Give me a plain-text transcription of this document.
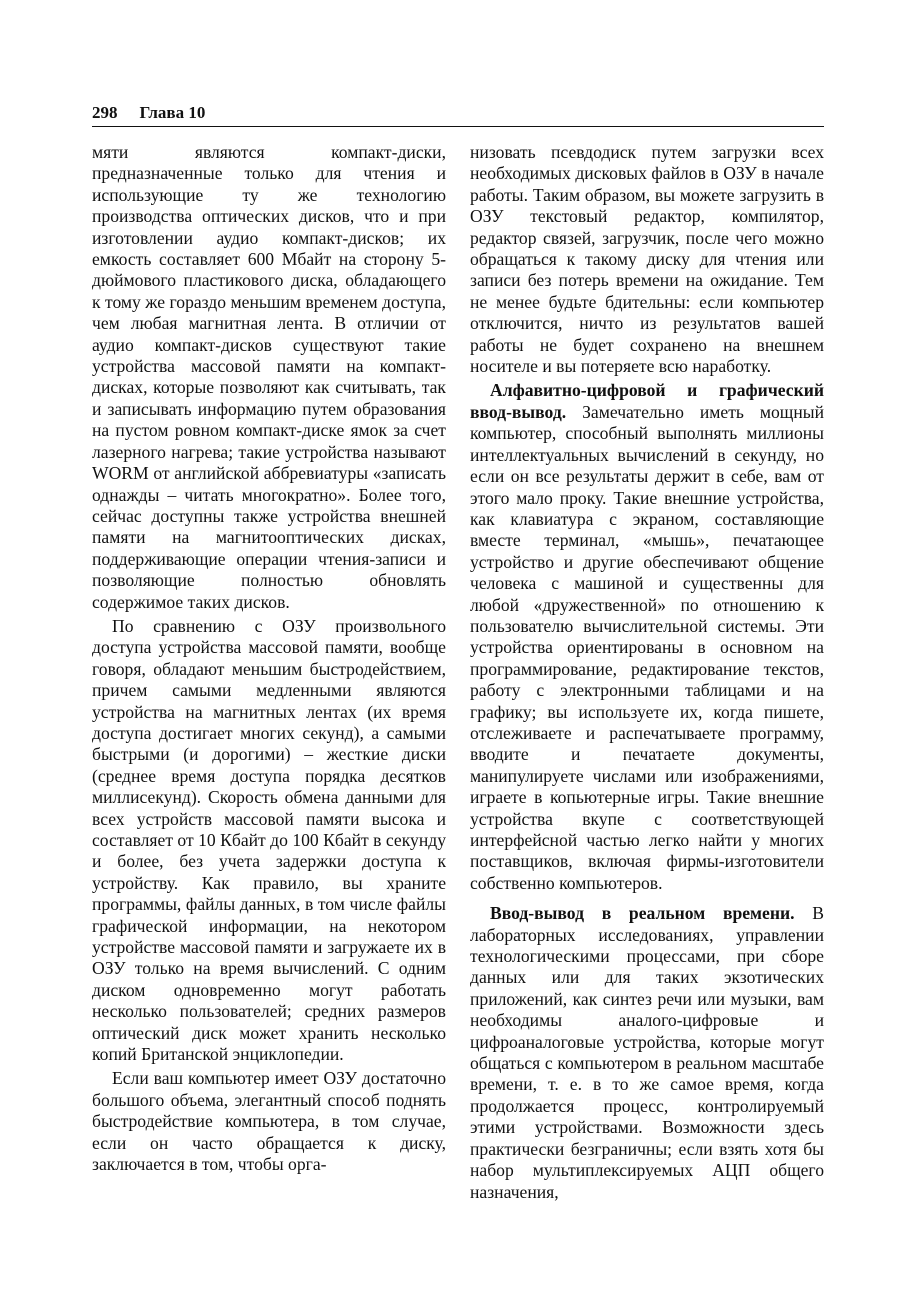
298 Глава 10

мяти являются компакт-диски, предназначенные только для чтения и использующие ту же технологию производства оптических дисков, что и при изготовлении аудио компакт-дисков; их емкость составляет 600 Мбайт на сторону 5-дюймового пластикового диска, обладающего к тому же гораздо меньшим временем доступа, чем любая магнитная лента. В отличии от аудио компакт-дисков существуют такие устройства массовой памяти на компакт-дисках, которые позволяют как считывать, так и записывать информацию путем образования на пустом ровном компакт-диске ямок за счет лазерного нагрева; такие устройства называют WORM от английской аббревиатуры «записать однажды – читать многократно». Более того, сейчас доступны также устройства внешней памяти на магнитооптических дисках, поддерживающие операции чтения-записи и позволяющие полностью обновлять содержимое таких дисков.

По сравнению с ОЗУ произвольного доступа устройства массовой памяти, вообще говоря, обладают меньшим быстродействием, причем самыми медленными являются устройства на магнитных лентах (их время доступа достигает многих секунд), а самыми быстрыми (и дорогими) – жесткие диски (среднее время доступа порядка десятков миллисекунд). Скорость обмена данными для всех устройств массовой памяти высока и составляет от 10 Кбайт до 100 Кбайт в секунду и более, без учета задержки доступа к устройству. Как правило, вы храните программы, файлы данных, в том числе файлы графической информации, на некотором устройстве массовой памяти и загружаете их в ОЗУ только на время вычислений. С одним диском одновременно могут работать несколько пользователей; средних размеров оптический диск может хранить несколько копий Британской энциклопедии.

Если ваш компьютер имеет ОЗУ достаточно большого объема, элегантный способ поднять быстродействие компьютера, в том случае, если он часто обращается к диску, заключается в том, чтобы орга-

низовать псевдодиск путем загрузки всех необходимых дисковых файлов в ОЗУ в начале работы. Таким образом, вы можете загрузить в ОЗУ текстовый редактор, компилятор, редактор связей, загрузчик, после чего можно обращаться к такому диску для чтения или записи без потерь времени на ожидание. Тем не менее будьте бдительны: если компьютер отключится, ничто из результатов вашей работы не будет сохранено на внешнем носителе и вы потеряете всю наработку.

Алфавитно-цифровой и графический ввод-вывод. Замечательно иметь мощный компьютер, способный выполнять миллионы интеллектуальных вычислений в секунду, но если он все результаты держит в себе, вам от этого мало проку. Такие внешние устройства, как клавиатура с экраном, составляющие вместе терминал, «мышь», печатающее устройство и другие обеспечивают общение человека с машиной и существенны для любой «дружественной» по отношению к пользователю вычислительной системы. Эти устройства ориентированы в основном на программирование, редактирование текстов, работу с электронными таблицами и на графику; вы используете их, когда пишете, отслеживаете и распечатываете программу, вводите и печатаете документы, манипулируете числами или изображениями, играете в копьютерные игры. Такие внешние устройства вкупе с соответствующей интерфейсной частью легко найти у многих поставщиков, включая фирмы-изготовители собственно компьютеров.

Ввод-вывод в реальном времени. В лабораторных исследованиях, управлении технологическими процессами, при сборе данных или для таких экзотических приложений, как синтез речи или музыки, вам необходимы аналого-цифровые и цифроаналоговые устройства, которые могут общаться с компьютером в реальном масштабе времени, т. е. в то же самое время, когда продолжается процесс, контролируемый этими устройствами. Возможности здесь практически безграничны; если взять хотя бы набор мультиплексируемых АЦП общего назначения,
